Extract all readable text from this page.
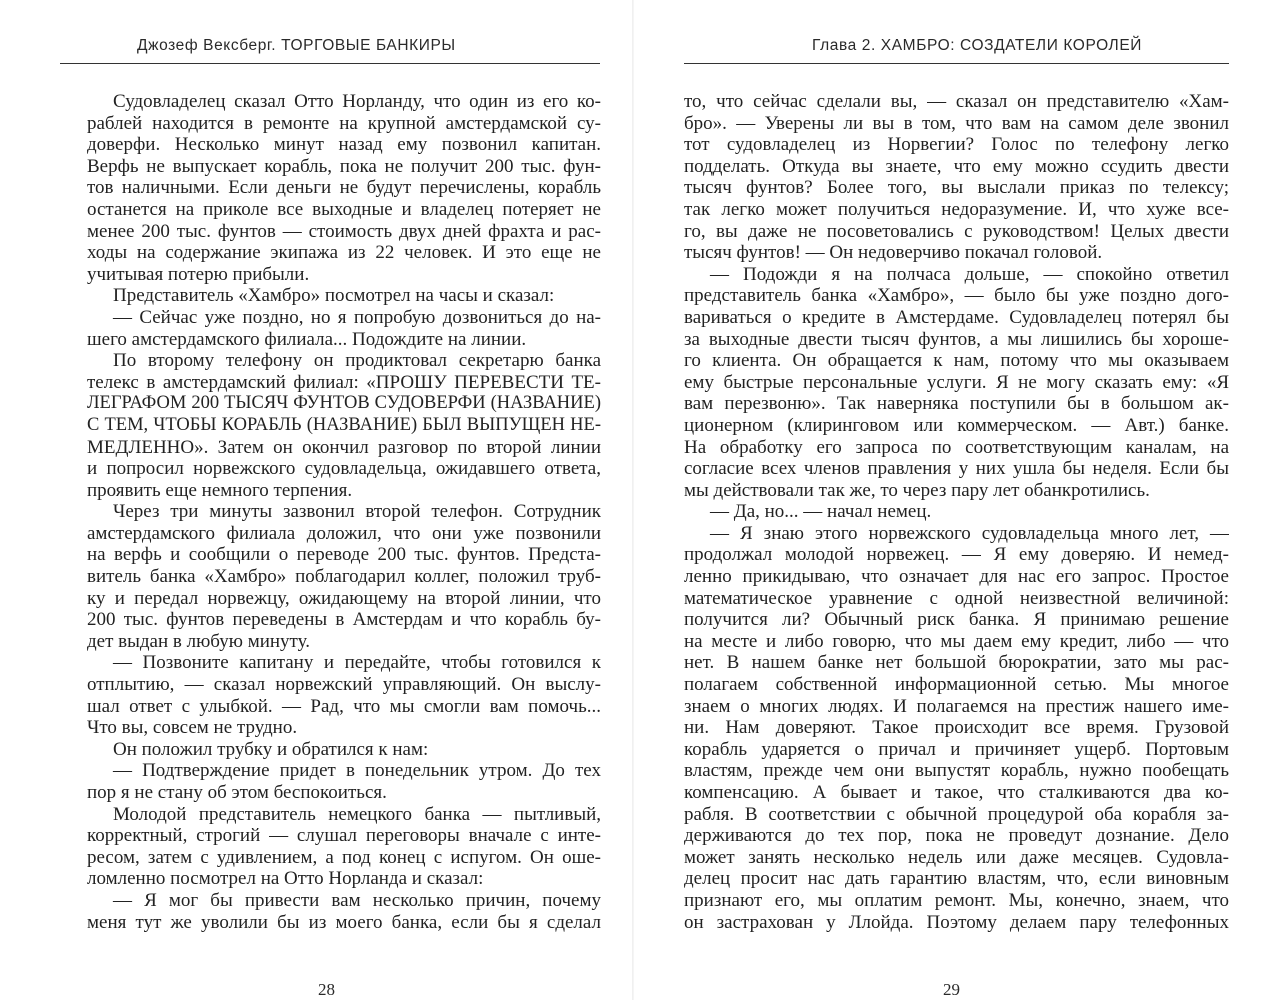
Джозеф Вексберг. ТОРГОВЫЕ БАНКИРЫ
Судовладелец сказал Отто Норланду, что один из его ко-
раблей находится в ремонте на крупной амстердамской су-
доверфи. Несколько минут назад ему позвонил капитан.
Верфь не выпускает корабль, пока не получит 200 тыс. фун-
тов наличными. Если деньги не будут перечислены, корабль
останется на приколе все выходные и владелец потеряет не
менее 200 тыс. фунтов — стоимость двух дней фрахта и рас-
ходы на содержание экипажа из 22 человек. И это еще не
учитывая потерю прибыли.
Представитель «Хамбро» посмотрел на часы и сказал:
— Сейчас уже поздно, но я попробую дозвониться до на-
шего амстердамского филиала... Подождите на линии.
По второму телефону он продиктовал секретарю банка
телекс в амстердамский филиал: «ПРОШУ ПЕРЕВЕСТИ ТЕ-
ЛЕГРАФОМ 200 ТЫСЯЧ ФУНТОВ СУДОВЕРФИ (НАЗВАНИЕ)
С ТЕМ, ЧТОБЫ КОРАБЛЬ (НАЗВАНИЕ) БЫЛ ВЫПУЩЕН НЕ-
МЕДЛЕННО». Затем он окончил разговор по второй линии
и попросил норвежского судовладельца, ожидавшего ответа,
проявить еще немного терпения.
Через три минуты зазвонил второй телефон. Сотрудник
амстердамского филиала доложил, что они уже позвонили
на верфь и сообщили о переводе 200 тыс. фунтов. Предста-
витель банка «Хамбро» поблагодарил коллег, положил труб-
ку и передал норвежцу, ожидающему на второй линии, что
200 тыс. фунтов переведены в Амстердам и что корабль бу-
дет выдан в любую минуту.
— Позвоните капитану и передайте, чтобы готовился к
отплытию, — сказал норвежский управляющий. Он выслу-
шал ответ с улыбкой. — Рад, что мы смогли вам помочь...
Что вы, совсем не трудно.
Он положил трубку и обратился к нам:
— Подтверждение придет в понедельник утром. До тех
пор я не стану об этом беспокоиться.
Молодой представитель немецкого банка — пытливый,
корректный, строгий — слушал переговоры вначале с инте-
ресом, затем с удивлением, а под конец с испугом. Он оше-
ломленно посмотрел на Отто Норланда и сказал:
— Я мог бы привести вам несколько причин, почему
меня тут же уволили бы из моего банка, если бы я сделал
28
Глава 2. ХАМБРО: СОЗДАТЕЛИ КОРОЛЕЙ
то, что сейчас сделали вы, — сказал он представителю «Хам-
бро». — Уверены ли вы в том, что вам на самом деле звонил
тот судовладелец из Норвегии? Голос по телефону легко
подделать. Откуда вы знаете, что ему можно ссудить двести
тысяч фунтов? Более того, вы выслали приказ по телексу;
так легко может получиться недоразумение. И, что хуже все-
го, вы даже не посоветовались с руководством! Целых двести
тысяч фунтов! — Он недоверчиво покачал головой.
— Подожди я на полчаса дольше, — спокойно ответил
представитель банка «Хамбро», — было бы уже поздно дого-
вариваться о кредите в Амстердаме. Судовладелец потерял бы
за выходные двести тысяч фунтов, а мы лишились бы хороше-
го клиента. Он обращается к нам, потому что мы оказываем
ему быстрые персональные услуги. Я не могу сказать ему: «Я
вам перезвоню». Так наверняка поступили бы в большом ак-
ционерном (клиринговом или коммерческом. — Авт.) банке.
На обработку его запроса по соответствующим каналам, на
согласие всех членов правления у них ушла бы неделя. Если бы
мы действовали так же, то через пару лет обанкротились.
— Да, но... — начал немец.
— Я знаю этого норвежского судовладельца много лет, —
продолжал молодой норвежец. — Я ему доверяю. И немед-
ленно прикидываю, что означает для нас его запрос. Простое
математическое уравнение с одной неизвестной величиной:
получится ли? Обычный риск банка. Я принимаю решение
на месте и либо говорю, что мы даем ему кредит, либо — что
нет. В нашем банке нет большой бюрократии, зато мы рас-
полагаем собственной информационной сетью. Мы многое
знаем о многих людях. И полагаемся на престиж нашего име-
ни. Нам доверяют. Такое происходит все время. Грузовой
корабль ударяется о причал и причиняет ущерб. Портовым
властям, прежде чем они выпустят корабль, нужно пообещать
компенсацию. А бывает и такое, что сталкиваются два ко-
рабля. В соответствии с обычной процедурой оба корабля за-
держиваются до тех пор, пока не проведут дознание. Дело
может занять несколько недель или даже месяцев. Судовла-
делец просит нас дать гарантию властям, что, если виновным
признают его, мы оплатим ремонт. Мы, конечно, знаем, что
он застрахован у Ллойда. Поэтому делаем пару телефонных
29
